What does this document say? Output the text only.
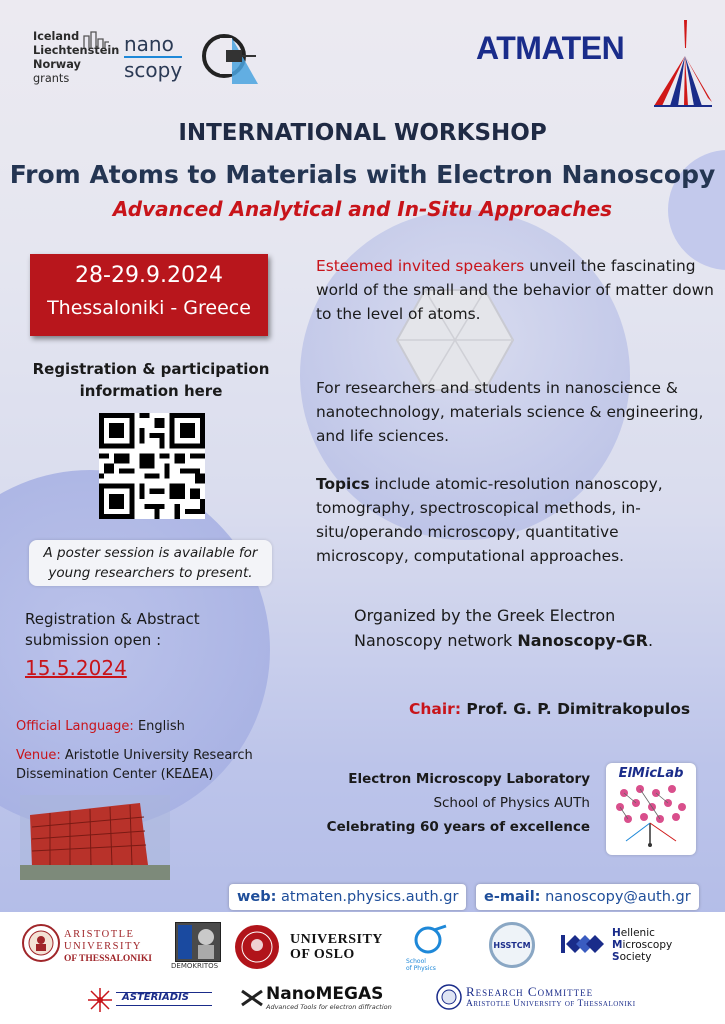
Iceland
Liechtenstein
Norway grants
nano
scopy
ATMATEN
INTERNATIONAL WORKSHOP
From Atoms to Materials with Electron Nanoscopy
Advanced Analytical and In-Situ Approaches
28-29.9.2024
Thessaloniki - Greece
Registration & participation information here
A poster session is available for young researchers to present.
Registration & Abstract submission open :
15.5.2024
Official Language: English
Venue: Aristotle University Research Dissemination Center (ΚΕΔΕΑ)
Esteemed invited speakers unveil the fascinating world of the small and the behavior of matter down to the level of atoms.
For researchers and students in nanoscience & nanotechnology, materials science & engineering, and life sciences.
Topics include atomic-resolution nanoscopy, tomography, spectroscopical methods, in-situ/operando microscopy, quantitative microscopy, computational approaches.
Organized by the Greek Electron Nanoscopy network Nanoscopy-GR.
Chair: Prof. G. P. Dimitrakopulos
Electron Microscopy Laboratory
School of Physics AUTh
Celebrating 60 years of excellence
ElMicLab
web: atmaten.physics.auth.gr	e-mail: nanoscopy@auth.gr
ARISTOTLE
UNIVERSITY
OF THESSALONIKI
DEMOKRITOS
UNIVERSITY
OF OSLO	School
of Physics
HSSTCM
Hellenic
Microscopy
Society
ASTERIADIS	NanoMEGAS
Advanced Tools for electron diffraction
Research Committee
Aristotle University of Thessaloniki
